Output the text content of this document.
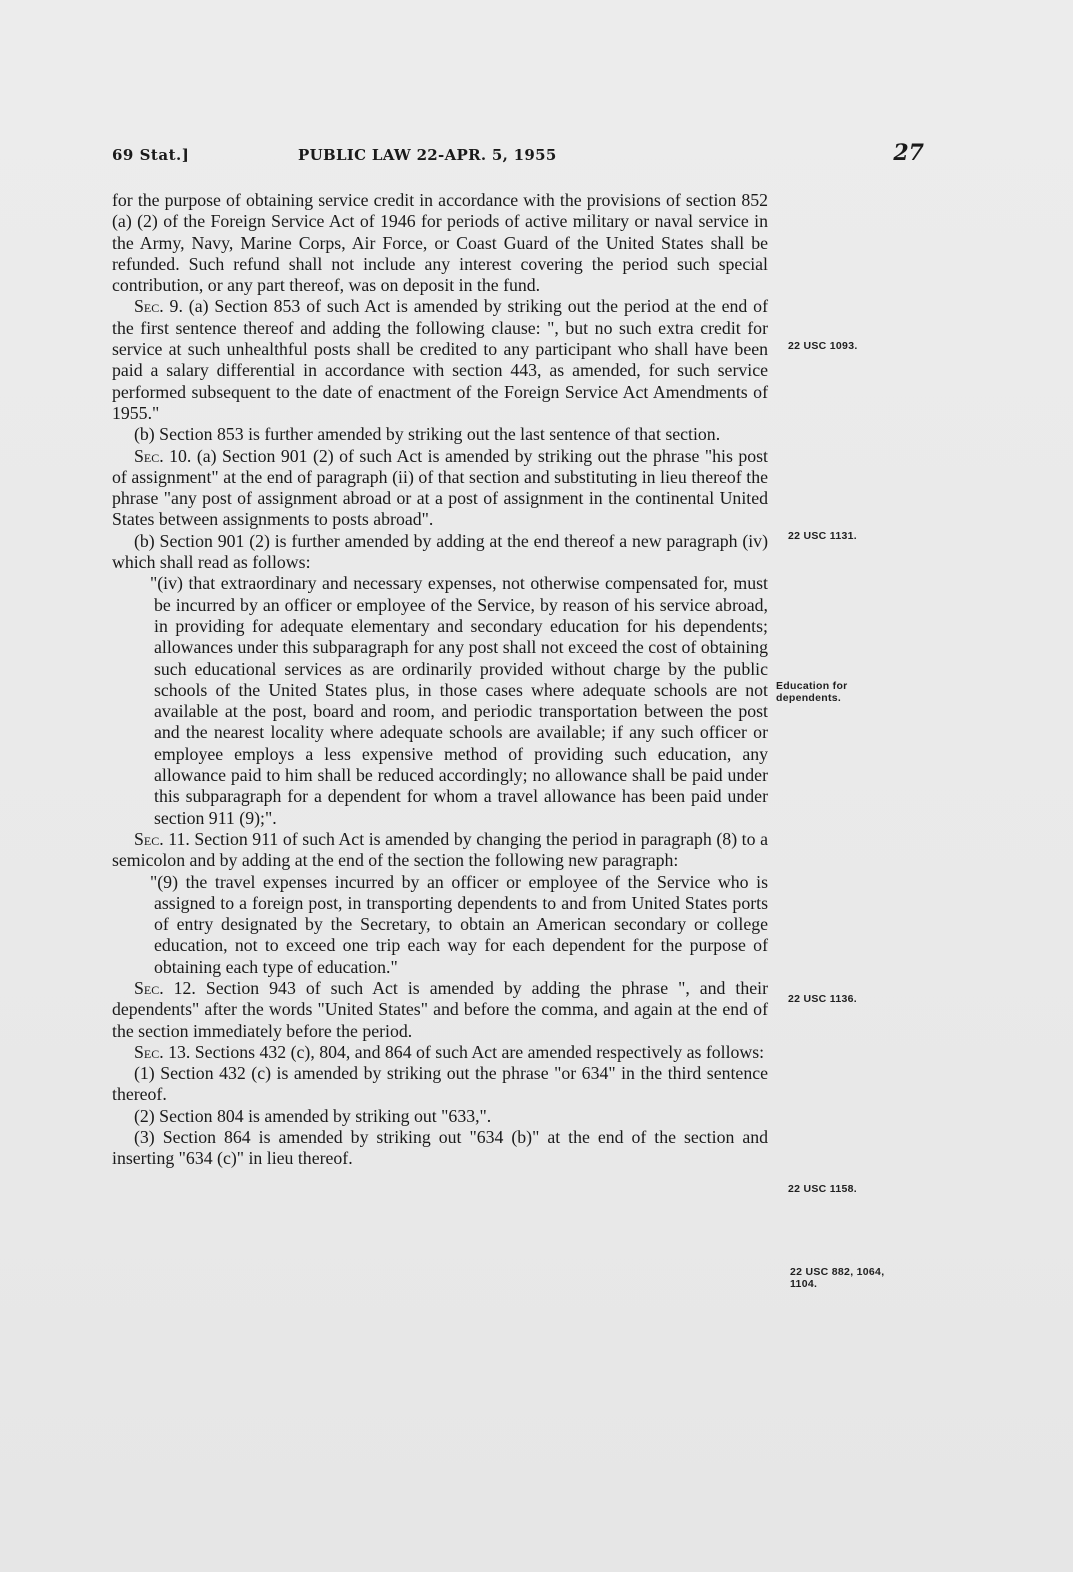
69 Stat.]	PUBLIC LAW 22-APR. 5, 1955	27

for the purpose of obtaining service credit in accordance with the provisions of section 852 (a) (2) of the Foreign Service Act of 1946 for periods of active military or naval service in the Army, Navy, Marine Corps, Air Force, or Coast Guard of the United States shall be refunded. Such refund shall not include any interest covering the period such special contribution, or any part thereof, was on deposit in the fund.

Sec. 9. (a) Section 853 of such Act is amended by striking out the period at the end of the first sentence thereof and adding the following clause: ", but no such extra credit for service at such unhealthful posts shall be credited to any participant who shall have been paid a salary differential in accordance with section 443, as amended, for such service performed subsequent to the date of enactment of the Foreign Service Act Amendments of 1955."

(b) Section 853 is further amended by striking out the last sentence of that section.

Sec. 10. (a) Section 901 (2) of such Act is amended by striking out the phrase "his post of assignment" at the end of paragraph (ii) of that section and substituting in lieu thereof the phrase "any post of assignment abroad or at a post of assignment in the continental United States between assignments to posts abroad".

(b) Section 901 (2) is further amended by adding at the end thereof a new paragraph (iv) which shall read as follows:

"(iv) that extraordinary and necessary expenses, not otherwise compensated for, must be incurred by an officer or employee of the Service, by reason of his service abroad, in providing for adequate elementary and secondary education for his dependents; allowances under this subparagraph for any post shall not exceed the cost of obtaining such educational services as are ordinarily provided without charge by the public schools of the United States plus, in those cases where adequate schools are not available at the post, board and room, and periodic transportation between the post and the nearest locality where adequate schools are available; if any such officer or employee employs a less expensive method of providing such education, any allowance paid to him shall be reduced accordingly; no allowance shall be paid under this subparagraph for a dependent for whom a travel allowance has been paid under section 911 (9);".

Sec. 11. Section 911 of such Act is amended by changing the period in paragraph (8) to a semicolon and by adding at the end of the section the following new paragraph:

"(9) the travel expenses incurred by an officer or employee of the Service who is assigned to a foreign post, in transporting dependents to and from United States ports of entry designated by the Secretary, to obtain an American secondary or college education, not to exceed one trip each way for each dependent for the purpose of obtaining each type of education."

Sec. 12. Section 943 of such Act is amended by adding the phrase ", and their dependents" after the words "United States" and before the comma, and again at the end of the section immediately before the period.

Sec. 13. Sections 432 (c), 804, and 864 of such Act are amended respectively as follows:

(1) Section 432 (c) is amended by striking out the phrase "or 634" in the third sentence thereof.

(2) Section 804 is amended by striking out "633,".

(3) Section 864 is amended by striking out "634 (b)" at the end of the section and inserting "634 (c)" in lieu thereof.

22 USC 1093.
22 USC 1131.
Education for dependents.
22 USC 1136.
22 USC 1158.
22 USC 882, 1064, 1104.
